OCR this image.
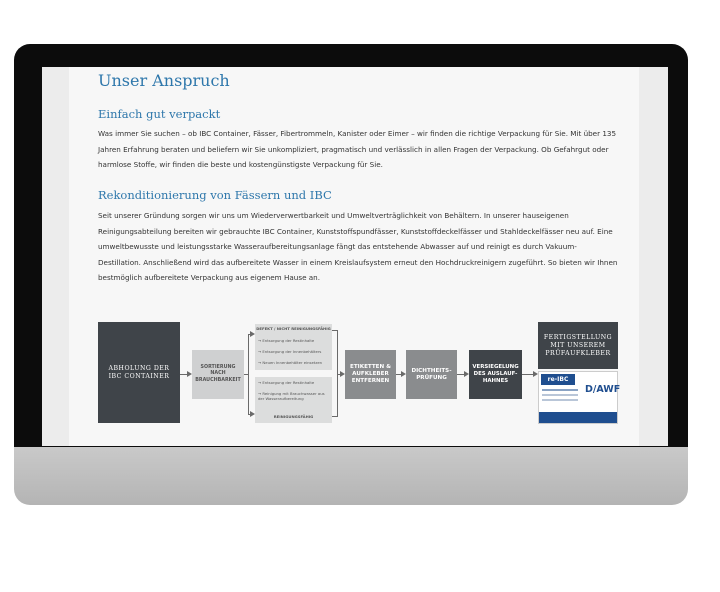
Unser Anspruch
Einfach gut verpackt
Was immer Sie suchen – ob IBC Container, Fässer, Fibertrommeln, Kanister oder Eimer – wir finden die richtige Verpackung für Sie. Mit über 135 Jahren Erfahrung beraten und beliefern wir Sie unkompliziert, pragmatisch und verlässlich in allen Fragen der Verpackung. Ob Gefahrgut oder harmlose Stoffe, wir finden die beste und kostengünstigste Verpackung für Sie.
Rekonditionierung von Fässern und IBC
Seit unserer Gründung sorgen wir uns um Wiederverwertbarkeit und Umweltverträglichkeit von Behältern. In unserer hauseigenen Reinigungsabteilung bereiten wir gebrauchte IBC Container, Kunststoffspundfässer, Kunststoffdeckelfässer und Stahldeckelfässer neu auf. Eine umweltbewusste und leistungsstarke Wasseraufbereitungsanlage fängt das entstehende Abwasser auf und reinigt es durch Vakuum-Destillation. Anschließend wird das aufbereitete Wasser in einem Kreislaufsystem erneut den Hochdruckreinigern zugeführt. So bieten wir Ihnen bestmöglich aufbereitete Verpackung aus eigenem Hause an.
ABHOLUNG DER IBC CONTAINER
SORTIERUNG NACH BRAUCHBARKEIT
DEFEKT / NICHT REINIGUNGSFÄHIG
→ Entsorgung der Restinhalte
→ Entsorgung der Innenbehälters
→ Neuen Innenbehälter einsetzen
→ Entsorgung der Restinhalte
→ Reinigung mit Brauchwasser aus der Wasseraufbereitung
REINIGUNGSFÄHIG
ETIKETTEN & AUFKLEBER ENTFERNEN
DICHTHEITS-PRÜFUNG
VERSIEGELUNG DES AUSLAUF-HAHNES
FERTIGSTELLUNG MIT UNSEREM PRÜFAUFKLEBER
re-IBC
D/AWF
